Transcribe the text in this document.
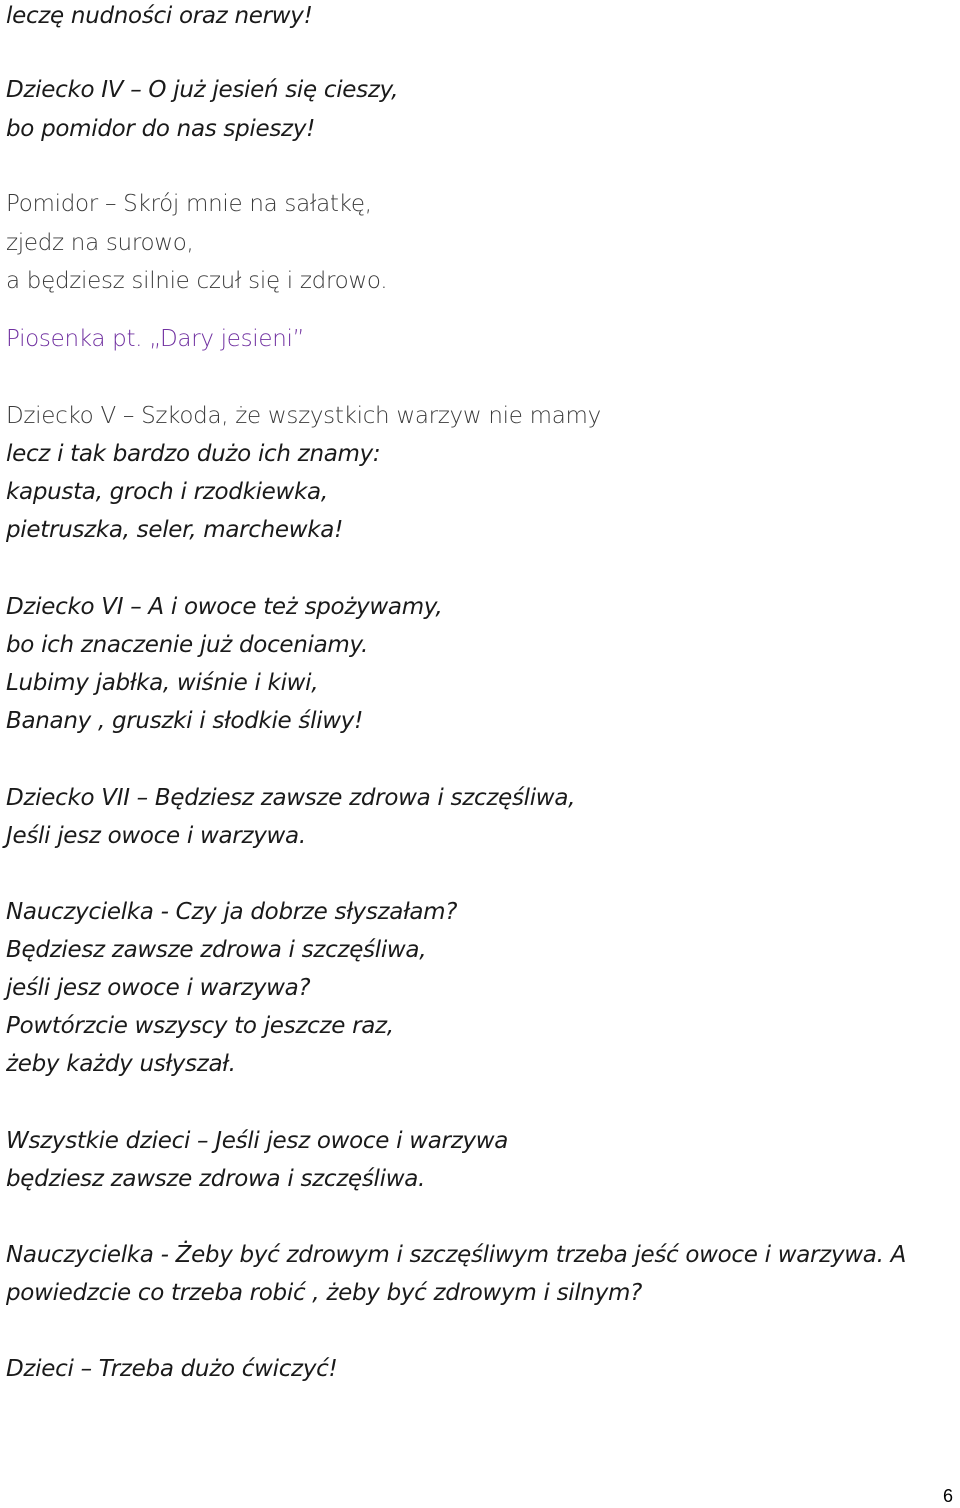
leczę nudności oraz nerwy!
Dziecko IV – O już jesień się cieszy,
bo pomidor do nas spieszy!
Pomidor – Skrój mnie na sałatkę,
zjedz na surowo,
a będziesz silnie czuł się i zdrowo.
Piosenka pt. „Dary jesieni”
Dziecko V – Szkoda, że wszystkich warzyw nie mamy
lecz i tak bardzo dużo ich znamy:
kapusta, groch i rzodkiewka,
pietruszka, seler, marchewka!
Dziecko VI – A i owoce też spożywamy,
bo ich znaczenie już doceniamy.
Lubimy jabłka, wiśnie i kiwi,
Banany , gruszki i słodkie śliwy!
Dziecko VII – Będziesz zawsze zdrowa i szczęśliwa,
Jeśli jesz owoce i warzywa.
Nauczycielka - Czy ja dobrze słyszałam?
Będziesz zawsze zdrowa i szczęśliwa,
jeśli jesz owoce i warzywa?
Powtórzcie wszyscy to jeszcze raz,
żeby każdy usłyszał.
Wszystkie dzieci – Jeśli jesz owoce i warzywa
będziesz zawsze zdrowa i szczęśliwa.
Nauczycielka - Żeby być zdrowym i szczęśliwym trzeba jeść owoce i warzywa. A
powiedzcie co trzeba robić , żeby być zdrowym i silnym?
Dzieci – Trzeba dużo ćwiczyć!
6
